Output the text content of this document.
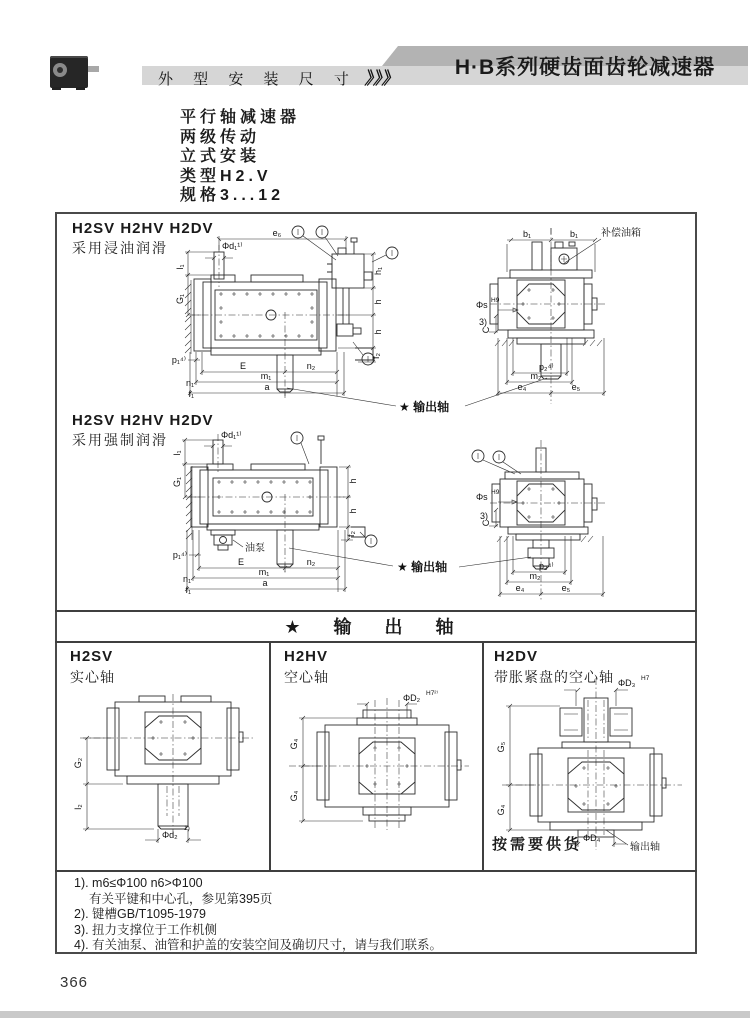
外 型 安 装 尺 寸 》》》	H·B系列硬齿面齿轮减速器
平行轴减速器
两级传动
立式安装
类型H2.V
规格3...12
H2SV H2HV H2DV
采用浸油润滑
H2SV H2HV H2DV
采用强制润滑
Φd₁¹⁾
e₆
l₁
G₁
h₁
h
h
f₂
p₁⁴⁾
E	n₂
m₁
a
n₁
f₁
b₁	b₁ 补偿油箱
Φs H9
3)
C
p₂⁴⁾
m₂
e₄	e₅
★ 输出轴
油泵
Φd₁¹⁾
l₁
G₁	h
h
f₂
p₁⁴⁾
E	n₂
m₁
a
n₁
f₁
Φs H9
3)
C
p₂⁴⁾
m₂
e₄	e₅
★ 输出轴
★ 输 出 轴
H2SV
实心轴
H2HV
空心轴
H2DV
带胀紧盘的空心轴
G₂
l₂
Φd₂
1)
ΦD₂ H7²⁾
G₄
G₄
ΦD₃ H7
G₅
G₄
ΦD₄
输出轴
按需要供货
1). m6≤Φ100 n6>Φ100
有关平键和中心孔，参见第395页
2). 键槽GB/T1095-1979
3). 扭力支撑位于工作机侧
4). 有关油泵、油管和护盖的安装空间及确切尺寸，请与我们联系。
366
